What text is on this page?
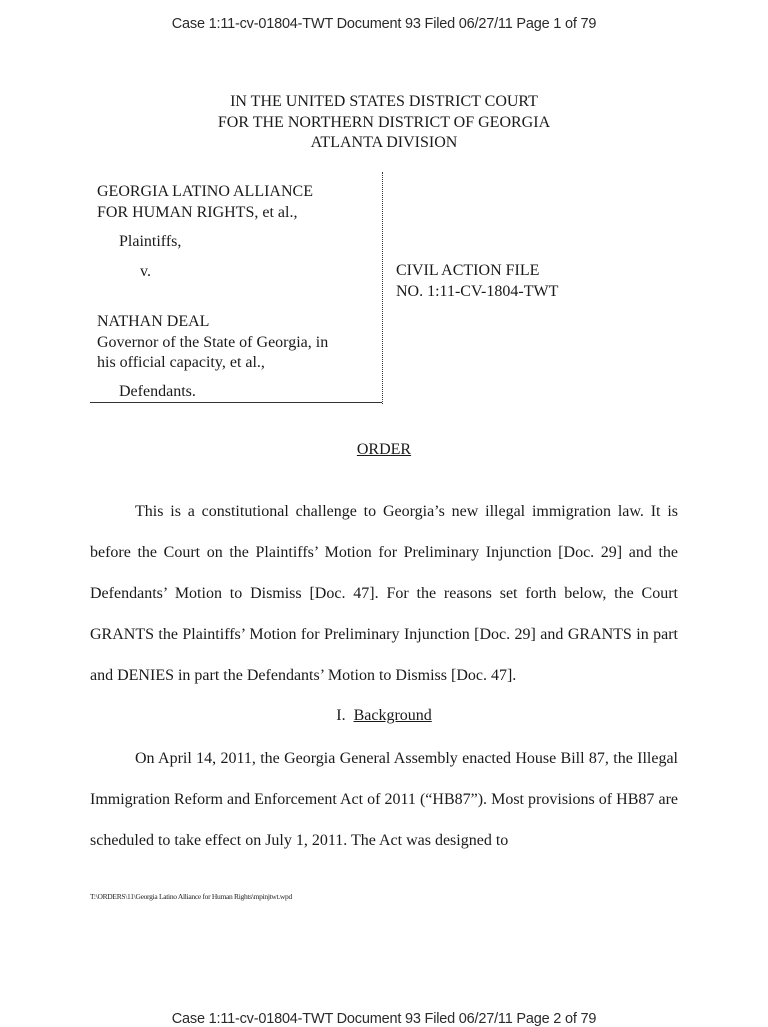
Case 1:11-cv-01804-TWT Document 93 Filed 06/27/11 Page 1 of 79
IN THE UNITED STATES DISTRICT COURT
FOR THE NORTHERN DISTRICT OF GEORGIA
ATLANTA DIVISION
GEORGIA LATINO ALLIANCE
FOR HUMAN RIGHTS, et al.,
Plaintiffs,
v.
NATHAN DEAL
Governor of the State of Georgia, in
his official capacity, et al.,
Defendants.
CIVIL ACTION FILE
NO. 1:11-CV-1804-TWT
ORDER
This is a constitutional challenge to Georgia’s new illegal immigration law. It is before the Court on the Plaintiffs’ Motion for Preliminary Injunction [Doc. 29] and the Defendants’ Motion to Dismiss [Doc. 47]. For the reasons set forth below, the Court GRANTS the Plaintiffs’ Motion for Preliminary Injunction [Doc. 29] and GRANTS in part and DENIES in part the Defendants’ Motion to Dismiss [Doc. 47].
I. Background
On April 14, 2011, the Georgia General Assembly enacted House Bill 87, the Illegal Immigration Reform and Enforcement Act of 2011 (“HB87”). Most provisions of HB87 are scheduled to take effect on July 1, 2011. The Act was designed to
T:\ORDERS\11\Georgia Latino Alliance for Human Rights\mpinjtwt.wpd
Case 1:11-cv-01804-TWT Document 93 Filed 06/27/11 Page 2 of 79
